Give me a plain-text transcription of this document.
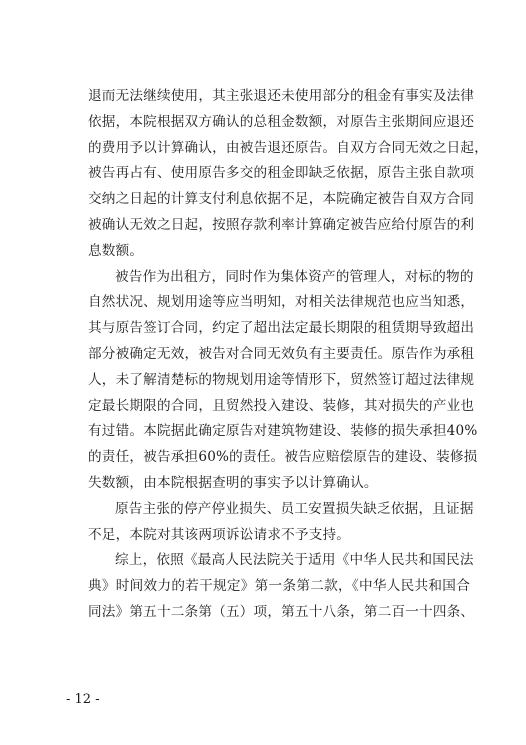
退而无法继续使用，其主张退还未使用部分的租金有事实及法律
依据，本院根据双方确认的总租金数额，对原告主张期间应退还
的费用予以计算确认，由被告退还原告。自双方合同无效之日起，
被告再占有、使用原告多交的租金即缺乏依据，原告主张自款项
交纳之日起的计算支付利息依据不足，本院确定被告自双方合同
被确认无效之日起，按照存款利率计算确定被告应给付原告的利
息数额。
被告作为出租方，同时作为集体资产的管理人，对标的物的
自然状况、规划用途等应当明知，对相关法律规范也应当知悉，
其与原告签订合同，约定了超出法定最长期限的租赁期导致超出
部分被确定无效，被告对合同无效负有主要责任。原告作为承租
人，未了解清楚标的物规划用途等情形下，贸然签订超过法律规
定最长期限的合同，且贸然投入建设、装修，其对损失的产业也
有过错。本院据此确定原告对建筑物建设、装修的损失承担40%
的责任，被告承担60%的责任。被告应赔偿原告的建设、装修损
失数额，由本院根据查明的事实予以计算确认。
原告主张的停产停业损失、员工安置损失缺乏依据，且证据
不足，本院对其该两项诉讼请求不予支持。
综上，依照《最高人民法院关于适用《中华人民共和国民法
典》时间效力的若干规定》第一条第二款，《中华人民共和国合
同法》第五十二条第（五）项，第五十八条，第二百一十四条、
- 12 -
